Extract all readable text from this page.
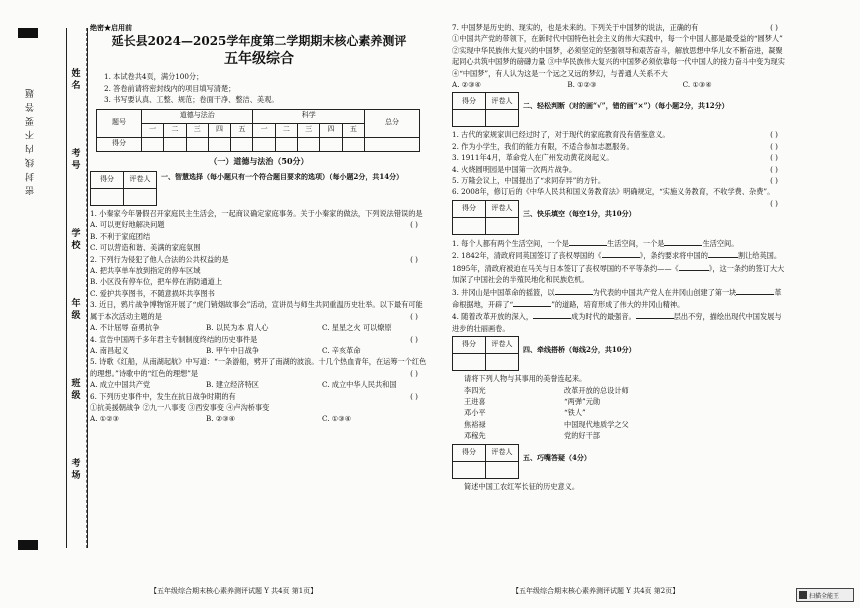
密 封 线 内 不 要 答 题
姓
名
考
号
学
校
年
级
班
级
考
场
绝密★启用前
延长县2024—2025学年度第二学期期末核心素养测评
五年级综合
1. 本试卷共4页，满分100分；
2. 答卷前请将密封线内的项目填写清楚；
3. 书写要认真、工整、规范；卷面干净、整洁、美观。
题号	道德与法治					科学					总分
	一	二	三	四	五	一	二	三	四	五	
得分											
（一）道德与法治（50分）
得分	评卷人
	一、智慧选择（每小题只有一个符合题目要求的选项）（每小题2分，共14分）
1. 小秦家今年暑假召开家庭民主生活会，一起商议确定家庭事务。关于小秦家的做法，下列说法错误的是
( )
A. 可以更好地解决问题
B. 不利于家庭团结
C. 可以营造和谐、美满的家庭氛围
2. 下列行为侵犯了他人合法的公共权益的是	( )
A. 把共享单车放到指定的停车区域
B. 小区没有停车位，把车停在消防通道上
C. 爱护共享图书，不随意损坏共享图书
3. 近日，鸦片战争博物馆开展了“虎门销烟故事会”活动，宣讲员与师生共同重温历史壮举。以下最有可能属于本次活动主题的是	( )
A. 不计屈辱 奋勇抗争	B. 以民为本 肩人心	C. 星星之火 可以燎原
4. 宣告中国两千多年君主专制制度终结的历史事件是	( )
A. 南昌起义	B. 甲午中日战争	C. 辛亥革命
5. 诗歌《红船，从南湖起航》中写道：“一条游船，劈开了南湖的波浪。十几个热血青年，在运筹一个红色的理想。”诗歌中的“红色的理想”是	( )
A. 成立中国共产党	B. 建立经济特区	C. 成立中华人民共和国
6. 下列历史事件中，发生在抗日战争时期的有	( )
①抗美援朝战争 ②九一八事变 ③西安事变 ④卢沟桥事变
A. ①②③	B. ②③④	C. ①③④
7. 中国梦是历史的、现实的，也是未来的。下列关于中国梦的说法，正确的有	( )
①中国共产党的带领下，在新时代中国特色社会主义的伟大实践中，每一个中国人都是最受益的“圆梦人” ②实现中华民族伟大复兴的中国梦，必须坚定的坚强领导和艰苦奋斗，解放思想中华儿女不断奋进，凝聚起同心共筑中国梦的磅礴力量 ③中华民族伟大复兴的中国梦必须依靠每一代中国人的接力奋斗中变为现实 ④“中国梦”，有人认为这是一个远之又远的梦幻，与普通人关系不大
A. ②③④	B. ①②③	C. ①③④
得分	评卷人

二、轻松判断（对的画“√”，错的画“×”）（每小题2分，共12分）
1. 古代的家规家训已经过时了，对于现代的家庭教育没有借鉴意义。	( )
2. 作为小学生，我们的能力有限，不适合参加志愿服务。	( )
3. 1911年4月，革命党人在广州发动黄花岗起义。	( )
4. 火烧圆明园是中国第一次两片战争。	( )
5. 万隆会议上，中国提出了“求同存异”的方针。	( )
6. 2008年，修订后的《中华人民共和国义务教育法》明确规定，“实施义务教育，不收学费、杂费”。
( )
得分	评卷人

三、快乐填空（每空1分，共10分）
1. 每个人都有两个生活空间，一个是	生活空间，一个是	生活空间。
2. 1842年，清政府同英国签订了丧权辱国的《	》，条约要求将中国的	割让给英国。1895年，清政府被迫在马关与日本签订了丧权辱国的不平等条约——《	》，这一条约的签订大大加深了中国社会的半殖民地化和民族危机。
3. 井冈山是中国革命的摇篮，以	为代表的中国共产党人在井冈山创建了第一块	革命根据地，开辟了“	”的道路，培育形成了伟大的井冈山精神。
4. 随着改革开放的深入，	成为时代的最强音。	层出不穷，描绘出现代中国发展与进步的壮丽画卷。
得分	评卷人

四、牵线搭桥（每线2分，共10分）
请将下列人物与其事用的美誉连起来。
李四光	改革开放的总设计师
王进喜	“两弹”元勋
邓小平	“铁人”
焦裕禄	中国现代地质学之父
邓稼先	党的好干部
得分	评卷人

五、巧嘴答疑（4分）
简述中国工农红军长征的历史意义。
【五年级综合期末核心素养测评试题 Y 共4页 第1页】	【五年级综合期末核心素养测评试题 Y 共4页 第2页】
扫描全能王
